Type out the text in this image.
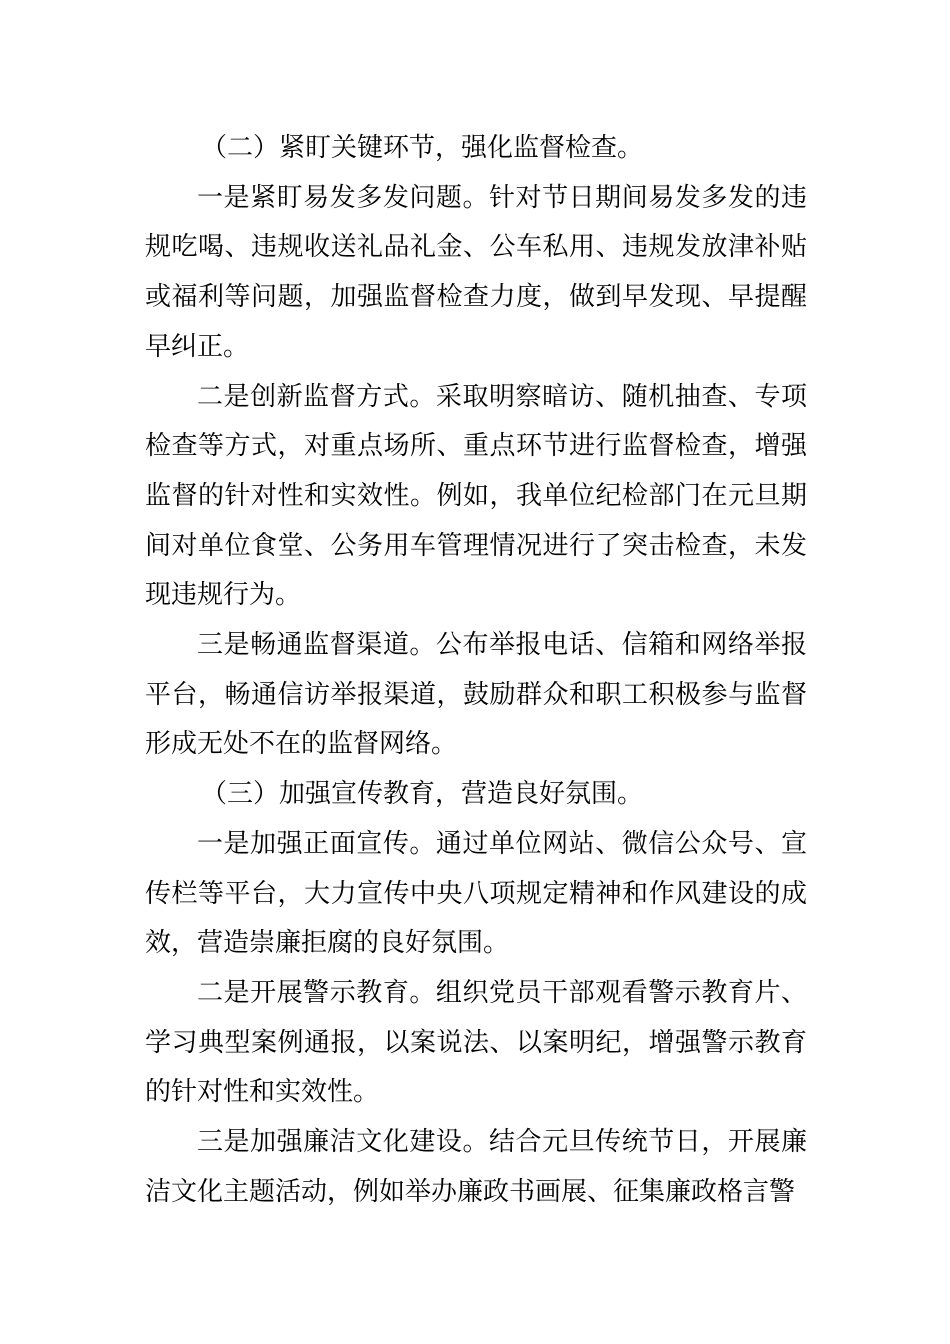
（二）紧盯关键环节，强化监督检查。

一是紧盯易发多发问题。针对节日期间易发多发的违规吃喝、违规收送礼品礼金、公车私用、违规发放津补贴或福利等问题，加强监督检查力度，做到早发现、早提醒早纠正。

二是创新监督方式。采取明察暗访、随机抽查、专项检查等方式，对重点场所、重点环节进行监督检查，增强监督的针对性和实效性。例如，我单位纪检部门在元旦期间对单位食堂、公务用车管理情况进行了突击检查，未发现违规行为。

三是畅通监督渠道。公布举报电话、信箱和网络举报平台，畅通信访举报渠道，鼓励群众和职工积极参与监督形成无处不在的监督网络。

（三）加强宣传教育，营造良好氛围。

一是加强正面宣传。通过单位网站、微信公众号、宣传栏等平台，大力宣传中央八项规定精神和作风建设的成效，营造崇廉拒腐的良好氛围。

二是开展警示教育。组织党员干部观看警示教育片、学习典型案例通报，以案说法、以案明纪，增强警示教育的针对性和实效性。

三是加强廉洁文化建设。结合元旦传统节日，开展廉洁文化主题活动，例如举办廉政书画展、征集廉政格言警
